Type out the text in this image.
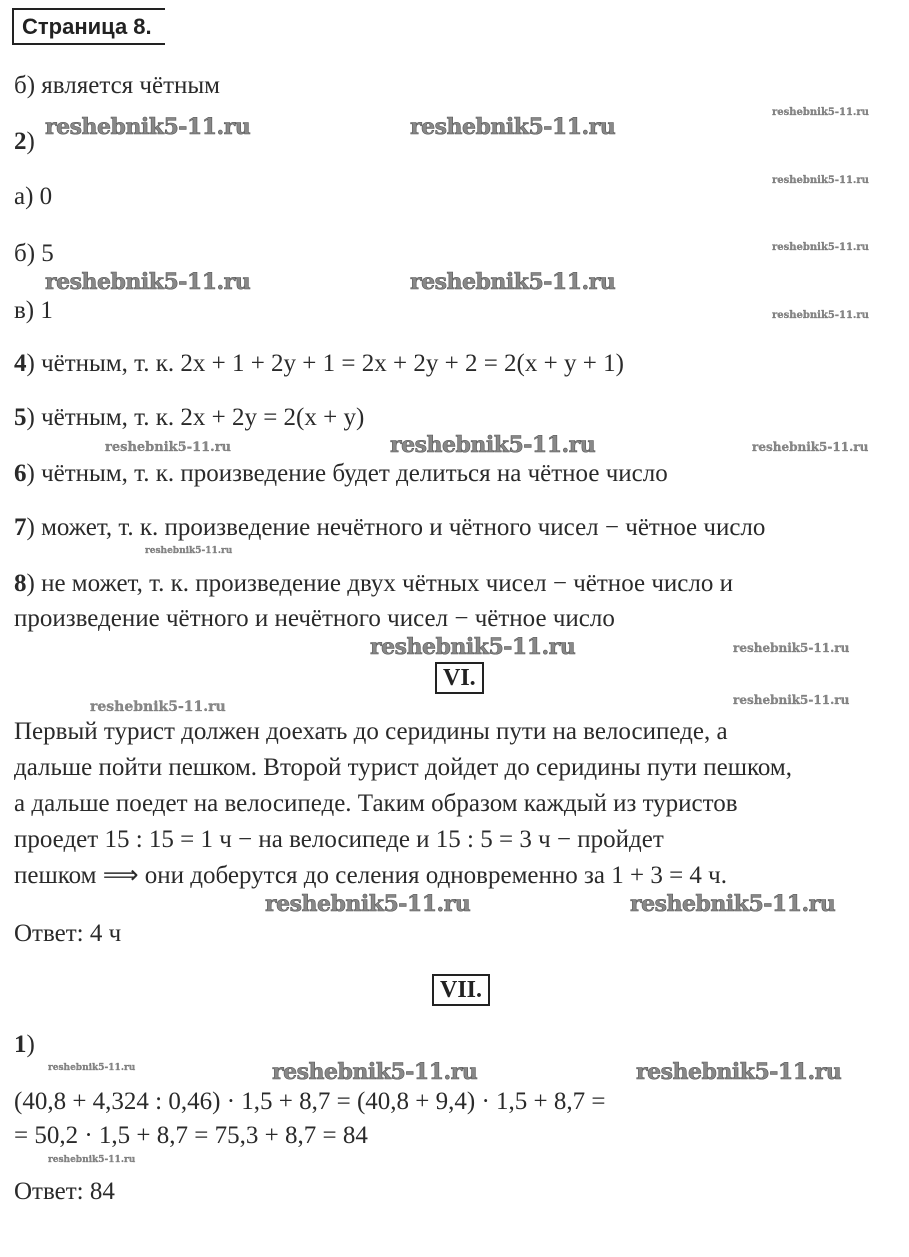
Страница 8.
б) является чётным
2)
а) 0
б) 5
в) 1
4) чётным, т. к. 2x + 1 + 2y + 1 = 2x + 2y + 2 = 2(x + y + 1)
5) чётным, т. к. 2x + 2y = 2(x + y)
6) чётным, т. к. произведение будет делиться на чётное число
7) может, т. к. произведение нечётного и чётного чисел − чётное число
8) не может, т. к. произведение двух чётных чисел − чётное число и
произведение чётного и нечётного чисел − чётное число
VI.
Первый турист должен доехать до серидины пути на велосипеде, а
дальше пойти пешком. Второй турист дойдет до серидины пути пешком,
а дальше поедет на велосипеде. Таким образом каждый из туристов
проедет 15 : 15 = 1 ч − на велосипеде и 15 : 5 = 3 ч − пройдет
пешком ⟹ они доберутся до селения одновременно за 1 + 3 = 4 ч.
Ответ: 4 ч
VII.
1)
(40,8 + 4,324 : 0,46) · 1,5 + 8,7 = (40,8 + 9,4) · 1,5 + 8,7 =
= 50,2 · 1,5 + 8,7 = 75,3 + 8,7 = 84
Ответ: 84
reshebnik5-11.ru	reshebnik5-11.ru
reshebnik5-11.ru	reshebnik5-11.ru
reshebnik5-11.ru
reshebnik5-11.ru
reshebnik5-11.ru	reshebnik5-11.ru
reshebnik5-11.ru	reshebnik5-11.ru
reshebnik5-11.ru
reshebnik5-11.ru
reshebnik5-11.ru
reshebnik5-11.ru
reshebnik5-11.ru
reshebnik5-11.ru
reshebnik5-11.ru
reshebnik5-11.ru
reshebnik5-11.ru	reshebnik5-11.ru
reshebnik5-11.ru
reshebnik5-11.ru
